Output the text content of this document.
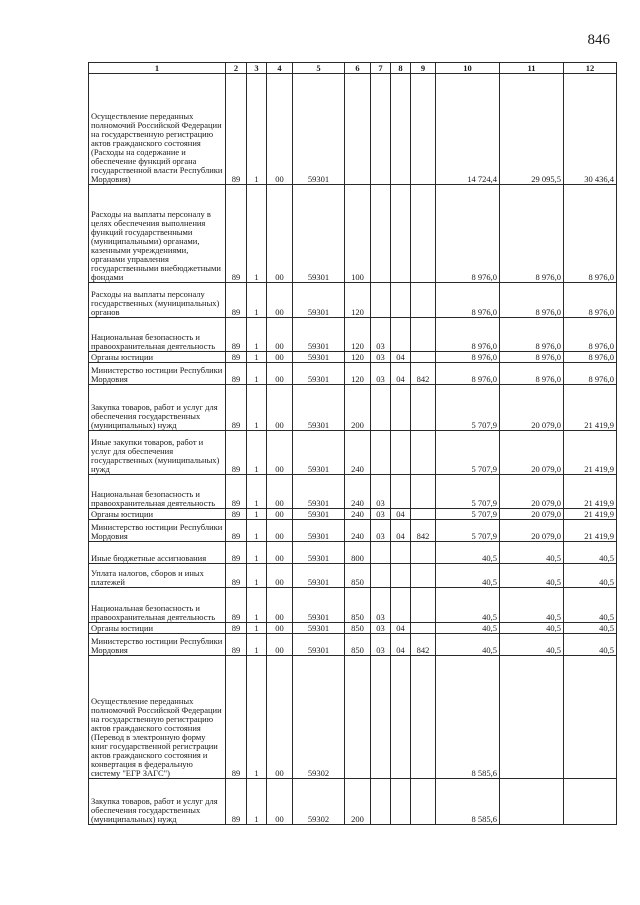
846
1	2	3	4	5	6	7	8	9	10	11	12
Осуществление переданных полномочий Российской Федерации на государственную регистрацию актов гражданского состояния (Расходы на содержание и обеспечение функций органа государственной власти Республики Мордовия)	89	1	00	59301					14 724,4	29 095,5	30 436,4
Расходы на выплаты персоналу в целях обеспечения выполнения функций государственными (муниципальными) органами, казенными учреждениями, органами управления государственными внебюджетными фондами	89	1	00	59301	100				8 976,0	8 976,0	8 976,0
Расходы на выплаты персоналу государственных (муниципальных) органов	89	1	00	59301	120				8 976,0	8 976,0	8 976,0
Национальная безопасность и правоохранительная деятельность	89	1	00	59301	120	03			8 976,0	8 976,0	8 976,0
Органы юстиции	89	1	00	59301	120	03	04		8 976,0	8 976,0	8 976,0
Министерство юстиции Республики Мордовия	89	1	00	59301	120	03	04	842	8 976,0	8 976,0	8 976,0
Закупка товаров, работ и услуг для обеспечения государственных (муниципальных) нужд	89	1	00	59301	200				5 707,9	20 079,0	21 419,9
Иные закупки товаров, работ и услуг для обеспечения государственных (муниципальных) нужд	89	1	00	59301	240				5 707,9	20 079,0	21 419,9
Национальная безопасность и правоохранительная деятельность	89	1	00	59301	240	03			5 707,9	20 079,0	21 419,9
Органы юстиции	89	1	00	59301	240	03	04		5 707,9	20 079,0	21 419,9
Министерство юстиции Республики Мордовия	89	1	00	59301	240	03	04	842	5 707,9	20 079,0	21 419,9
Иные бюджетные ассигнования	89	1	00	59301	800				40,5	40,5	40,5
Уплата налогов, сборов и иных платежей	89	1	00	59301	850				40,5	40,5	40,5
Национальная безопасность и правоохранительная деятельность	89	1	00	59301	850	03			40,5	40,5	40,5
Органы юстиции	89	1	00	59301	850	03	04		40,5	40,5	40,5
Министерство юстиции Республики Мордовия	89	1	00	59301	850	03	04	842	40,5	40,5	40,5
Осуществление переданных полномочий Российской Федерации на государственную регистрацию актов гражданского состояния (Перевод в электронную форму книг государственной регистрации актов гражданского состояния и конвертация в федеральную систему "ЕГР ЗАГС")	89	1	00	59302					8 585,6		
Закупка товаров, работ и услуг для обеспечения государственных (муниципальных) нужд	89	1	00	59302	200				8 585,6		
